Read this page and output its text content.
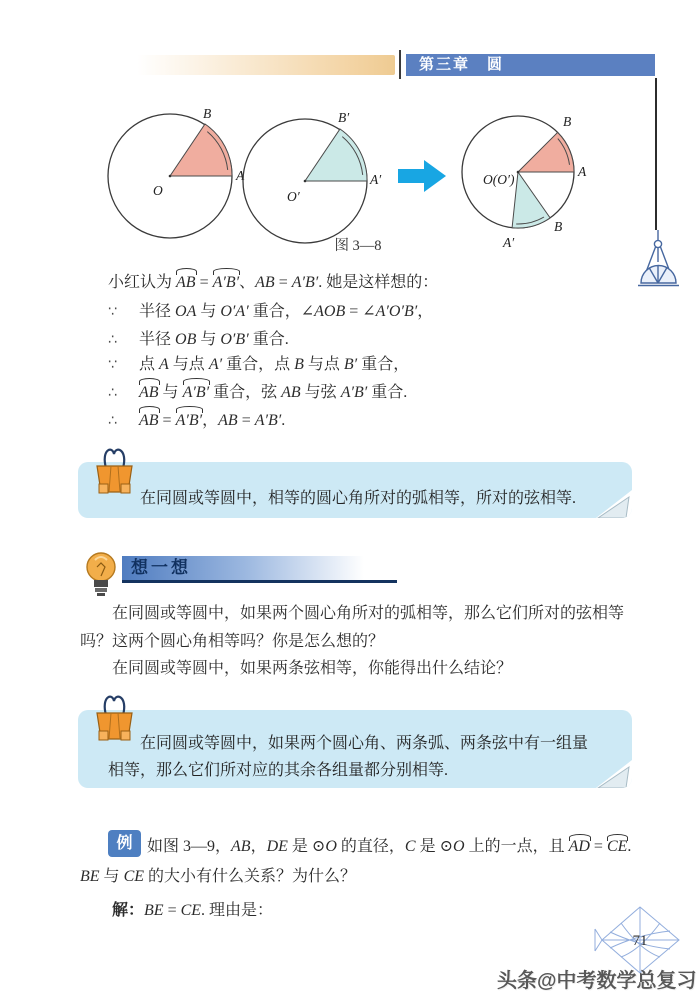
第三章　圆
O
A
B
O′
A′
B′
O(O′)
A
B
B
A′
图 3—8
小红认为 AB = A′B′、AB = A′B′. 她是这样想的：
∵ 半径 OA 与 O′A′ 重合，∠AOB = ∠A′O′B′，
∴ 半径 OB 与 O′B′ 重合.
∵ 点 A 与点 A′ 重合，点 B 与点 B′ 重合，
∴ AB 与 A′B′ 重合，弦 AB 与弦 A′B′ 重合.
∴ AB = A′B′，AB = A′B′.
在同圆或等圆中，相等的圆心角所对的弧相等，所对的弦相等.
想一想

在同圆或等圆中，如果两个圆心角所对的弧相等，那么它们所对的弦相等吗？这两个圆心角相等吗？你是怎么想的？

在同圆或等圆中，如果两条弦相等，你能得出什么结论？

在同圆或等圆中，如果两个圆心角、两条弧、两条弦中有一组量相等，那么它们所对应的其余各组量都分别相等.
例 如图 3—9，AB，DE 是 ⊙O 的直径，C 是 ⊙O 上的一点，且 AD = CE.
BE 与 CE 的大小有什么关系？为什么？
解：BE = CE. 理由是：
71
头条@中考数学总复习
